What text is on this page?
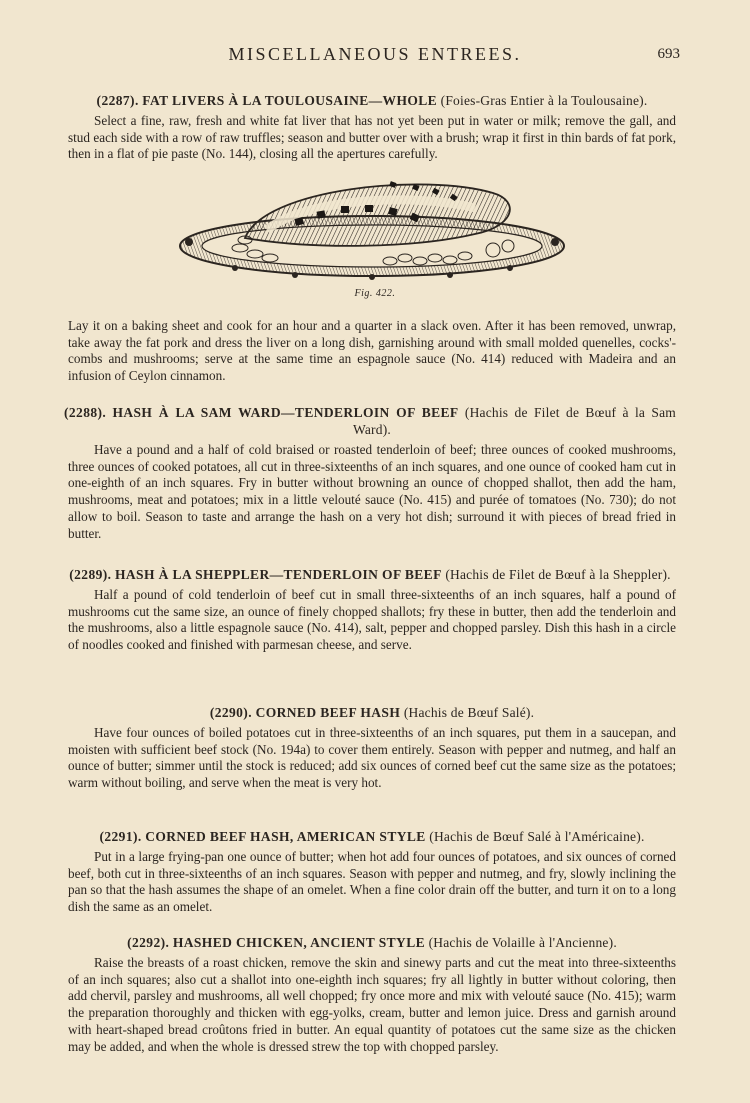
MISCELLANEOUS ENTREES.	693
(2287). FAT LIVERS À LA TOULOUSAINE—WHOLE (Foies-Gras Entier à la Toulousaine).

Select a fine, raw, fresh and white fat liver that has not yet been put in water or milk; remove the gall, and stud each side with a row of raw truffles; season and butter over with a brush; wrap it first in thin bards of fat pork, then in a flat of pie paste (No. 144), closing all the apertures carefully.

Fig. 422.

Lay it on a baking sheet and cook for an hour and a quarter in a slack oven. After it has been removed, unwrap, take away the fat pork and dress the liver on a long dish, garnishing around with small molded quenelles, cocks'-combs and mushrooms; serve at the same time an espagnole sauce (No. 414) reduced with Madeira and an infusion of Ceylon cinnamon.

(2288). HASH À LA SAM WARD—TENDERLOIN OF BEEF (Hachis de Filet de Bœuf à la Sam Ward).

Have a pound and a half of cold braised or roasted tenderloin of beef; three ounces of cooked mushrooms, three ounces of cooked potatoes, all cut in three-sixteenths of an inch squares, and one ounce of cooked ham cut in one-eighth of an inch squares. Fry in butter without browning an ounce of chopped shallot, then add the ham, mushrooms, meat and potatoes; mix in a little velouté sauce (No. 415) and purée of tomatoes (No. 730); do not allow to boil. Season to taste and arrange the hash on a very hot dish; surround it with pieces of bread fried in butter.

(2289). HASH À LA SHEPPLER—TENDERLOIN OF BEEF (Hachis de Filet de Bœuf à la Sheppler).

Half a pound of cold tenderloin of beef cut in small three-sixteenths of an inch squares, half a pound of mushrooms cut the same size, an ounce of finely chopped shallots; fry these in butter, then add the tenderloin and the mushrooms, also a little espagnole sauce (No. 414), salt, pepper and chopped parsley. Dish this hash in a circle of noodles cooked and finished with parmesan cheese, and serve.

(2290). CORNED BEEF HASH (Hachis de Bœuf Salé).

Have four ounces of boiled potatoes cut in three-sixteenths of an inch squares, put them in a saucepan, and moisten with sufficient beef stock (No. 194a) to cover them entirely. Season with pepper and nutmeg, and half an ounce of butter; simmer until the stock is reduced; add six ounces of corned beef cut the same size as the potatoes; warm without boiling, and serve when the meat is very hot.

(2291). CORNED BEEF HASH, AMERICAN STYLE (Hachis de Bœuf Salé à l'Américaine).

Put in a large frying-pan one ounce of butter; when hot add four ounces of potatoes, and six ounces of corned beef, both cut in three-sixteenths of an inch squares. Season with pepper and nutmeg, and fry, slowly inclining the pan so that the hash assumes the shape of an omelet. When a fine color drain off the butter, and turn it on to a long dish the same as an omelet.

(2292). HASHED CHICKEN, ANCIENT STYLE (Hachis de Volaille à l'Ancienne).

Raise the breasts of a roast chicken, remove the skin and sinewy parts and cut the meat into three-sixteenths of an inch squares; also cut a shallot into one-eighth inch squares; fry all lightly in butter without coloring, then add chervil, parsley and mushrooms, all well chopped; fry once more and mix with velouté sauce (No. 415); warm the preparation thoroughly and thicken with egg-yolks, cream, butter and lemon juice. Dress and garnish around with heart-shaped bread croûtons fried in butter. An equal quantity of potatoes cut the same size as the chicken may be added, and when the whole is dressed strew the top with chopped parsley.
